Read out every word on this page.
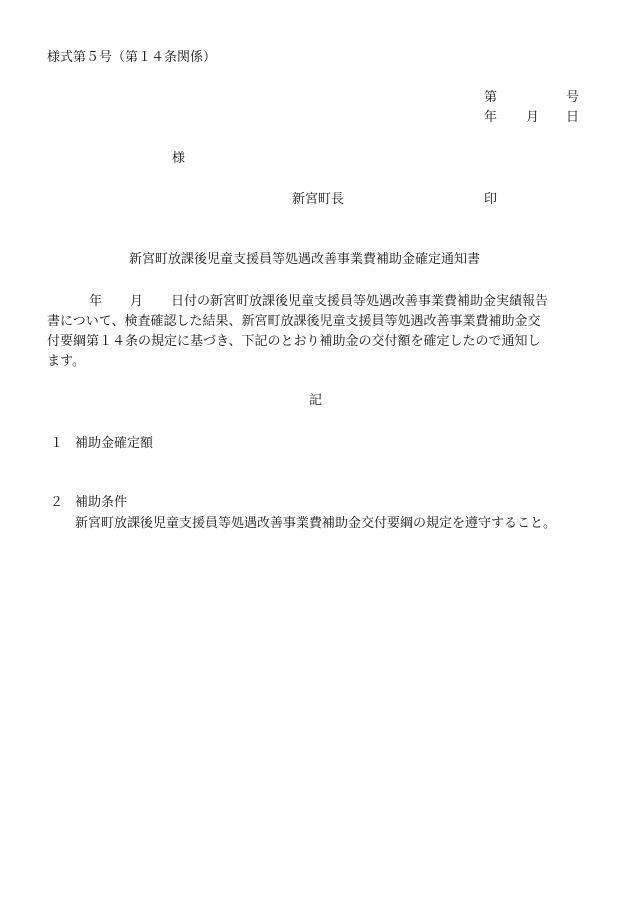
様式第５号（第１４条関係）
第	号
年 月 日
様
新宮町長	印
新宮町放課後児童支援員等処遇改善事業費補助金確定通知書
年 月 日付の新宮町放課後児童支援員等処遇改善事業費補助金実績報告
書について、検査確認した結果、新宮町放課後児童支援員等処遇改善事業費補助金交
付要綱第１４条の規定に基づき、下記のとおり補助金の交付額を確定したので通知し
ます。
記
１ 補助金確定額
２ 補助条件
新宮町放課後児童支援員等処遇改善事業費補助金交付要綱の規定を遵守すること。
